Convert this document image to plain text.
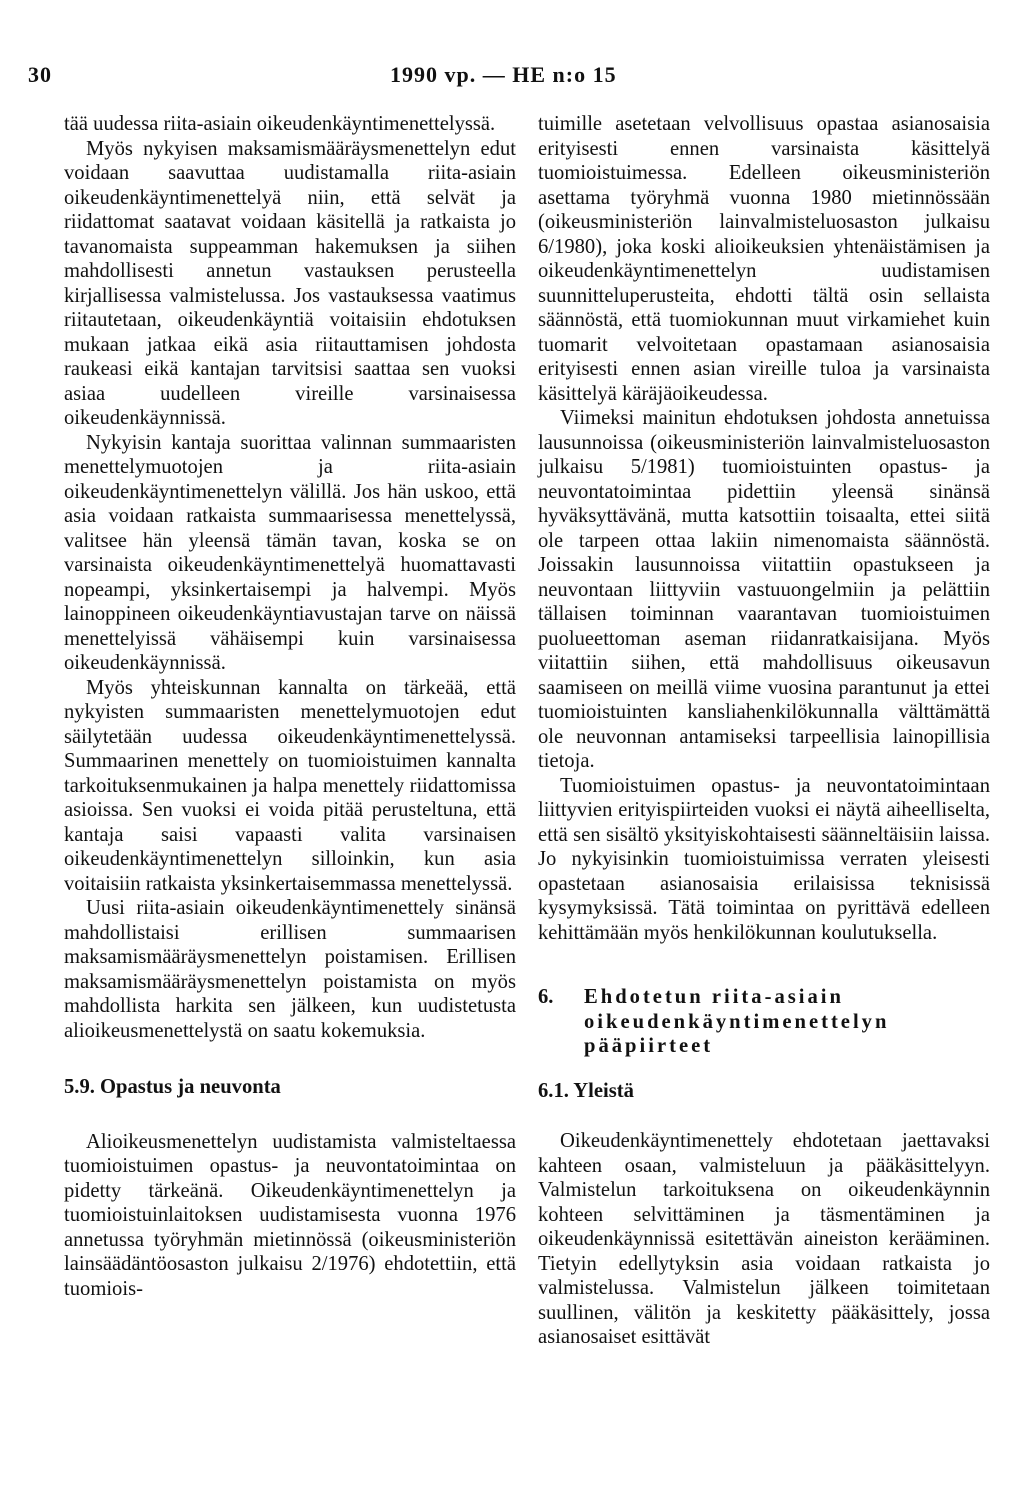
30	1990 vp. — HE n:o 15

tää uudessa riita-asiain oikeudenkäyntimenettelyssä.

Myös nykyisen maksamismääräysmenettelyn edut voidaan saavuttaa uudistamalla riita-asiain oikeudenkäyntimenettelyä niin, että selvät ja riidattomat saatavat voidaan käsitellä ja ratkaista jo tavanomaista suppeamman hakemuksen ja siihen mahdollisesti annetun vastauksen perusteella kirjallisessa valmistelussa. Jos vastauksessa vaatimus riitautetaan, oikeudenkäyntiä voitaisiin ehdotuksen mukaan jatkaa eikä asia riitauttamisen johdosta raukeasi eikä kantajan tarvitsisi saattaa sen vuoksi asiaa uudelleen vireille varsinaisessa oikeudenkäynnissä.

Nykyisin kantaja suorittaa valinnan summaaristen menettelymuotojen ja riita-asiain oikeudenkäyntimenettelyn välillä. Jos hän uskoo, että asia voidaan ratkaista summaarisessa menettelyssä, valitsee hän yleensä tämän tavan, koska se on varsinaista oikeudenkäyntimenettelyä huomattavasti nopeampi, yksinkertaisempi ja halvempi. Myös lainoppineen oikeudenkäyntiavustajan tarve on näissä menettelyissä vähäisempi kuin varsinaisessa oikeudenkäynnissä.

Myös yhteiskunnan kannalta on tärkeää, että nykyisten summaaristen menettelymuotojen edut säilytetään uudessa oikeudenkäyntimenettelyssä. Summaarinen menettely on tuomioistuimen kannalta tarkoituksenmukainen ja halpa menettely riidattomissa asioissa. Sen vuoksi ei voida pitää perusteltuna, että kantaja saisi vapaasti valita varsinaisen oikeudenkäyntimenettelyn silloinkin, kun asia voitaisiin ratkaista yksinkertaisemmassa menettelyssä.

Uusi riita-asiain oikeudenkäyntimenettely sinänsä mahdollistaisi erillisen summaarisen maksamismääräysmenettelyn poistamisen. Erillisen maksamismääräysmenettelyn poistamista on myös mahdollista harkita sen jälkeen, kun uudistetusta alioikeusmenettelystä on saatu kokemuksia.

5.9. Opastus ja neuvonta

Alioikeusmenettelyn uudistamista valmisteltaessa tuomioistuimen opastus- ja neuvontatoimintaa on pidetty tärkeänä. Oikeudenkäyntimenettelyn ja tuomioistuinlaitoksen uudistamisesta vuonna 1976 annetussa työryhmän mietinnössä (oikeusministeriön lainsäädäntöosaston julkaisu 2/1976) ehdotettiin, että tuomiois-

tuimille asetetaan velvollisuus opastaa asianosaisia erityisesti ennen varsinaista käsittelyä tuomioistuimessa. Edelleen oikeusministeriön asettama työryhmä vuonna 1980 mietinnössään (oikeusministeriön lainvalmisteluosaston julkaisu 6/1980), joka koski alioikeuksien yhtenäistämisen ja oikeudenkäyntimenettelyn uudistamisen suunnitteluperusteita, ehdotti tältä osin sellaista säännöstä, että tuomiokunnan muut virkamiehet kuin tuomarit velvoitetaan opastamaan asianosaisia erityisesti ennen asian vireille tuloa ja varsinaista käsittelyä käräjäoikeudessa.

Viimeksi mainitun ehdotuksen johdosta annetuissa lausunnoissa (oikeusministeriön lainvalmisteluosaston julkaisu 5/1981) tuomioistuinten opastus- ja neuvontatoimintaa pidettiin yleensä sinänsä hyväksyttävänä, mutta katsottiin toisaalta, ettei siitä ole tarpeen ottaa lakiin nimenomaista säännöstä. Joissakin lausunnoissa viitattiin opastukseen ja neuvontaan liittyviin vastuuongelmiin ja pelättiin tällaisen toiminnan vaarantavan tuomioistuimen puolueettoman aseman riidanratkaisijana. Myös viitattiin siihen, että mahdollisuus oikeusavun saamiseen on meillä viime vuosina parantunut ja ettei tuomioistuinten kansliahenkilökunnalla välttämättä ole neuvonnan antamiseksi tarpeellisia lainopillisia tietoja.

Tuomioistuimen opastus- ja neuvontatoimintaan liittyvien erityispiirteiden vuoksi ei näytä aiheelliselta, että sen sisältö yksityiskohtaisesti säänneltäisiin laissa. Jo nykyisinkin tuomioistuimissa verraten yleisesti opastetaan asianosaisia erilaisissa teknisissä kysymyksissä. Tätä toimintaa on pyrittävä edelleen kehittämään myös henkilökunnan koulutuksella.

6. Ehdotetun riita-asiain oikeudenkäyntimenettelyn pääpiirteet
6.1. Yleistä

Oikeudenkäyntimenettely ehdotetaan jaettavaksi kahteen osaan, valmisteluun ja pääkäsittelyyn. Valmistelun tarkoituksena on oikeudenkäynnin kohteen selvittäminen ja täsmentäminen ja oikeudenkäynnissä esitettävän aineiston kerääminen. Tietyin edellytyksin asia voidaan ratkaista jo valmistelussa. Valmistelun jälkeen toimitetaan suullinen, välitön ja keskitetty pääkäsittely, jossa asianosaiset esittävät
